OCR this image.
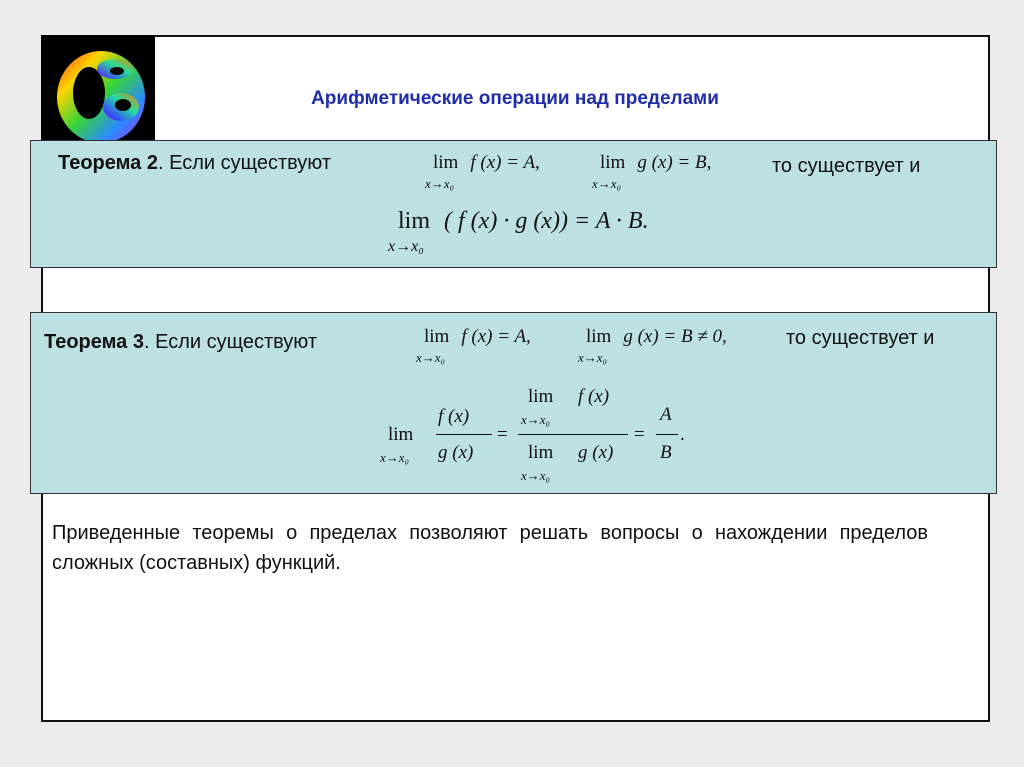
Арифметические операции над пределами
Теорема 2. Если существуют	lim f (x) = A,
x→x₀
lim g (x) = B,
x→x₀
то существует и
lim ( f (x) · g (x)) = A · B.
x→x₀
Теорема 3. Если существуют	lim f (x) = A,
x→x₀
lim g (x) = B ≠ 0,
x→x₀
то существует и
lim
x→x₀
f (x)
g (x)
=
lim f (x)
x→x₀
lim g (x)
x→x₀
=
A
B
.
Приведенные теоремы о пределах позволяют решать вопросы о нахождении пределов сложных (составных) функций.
